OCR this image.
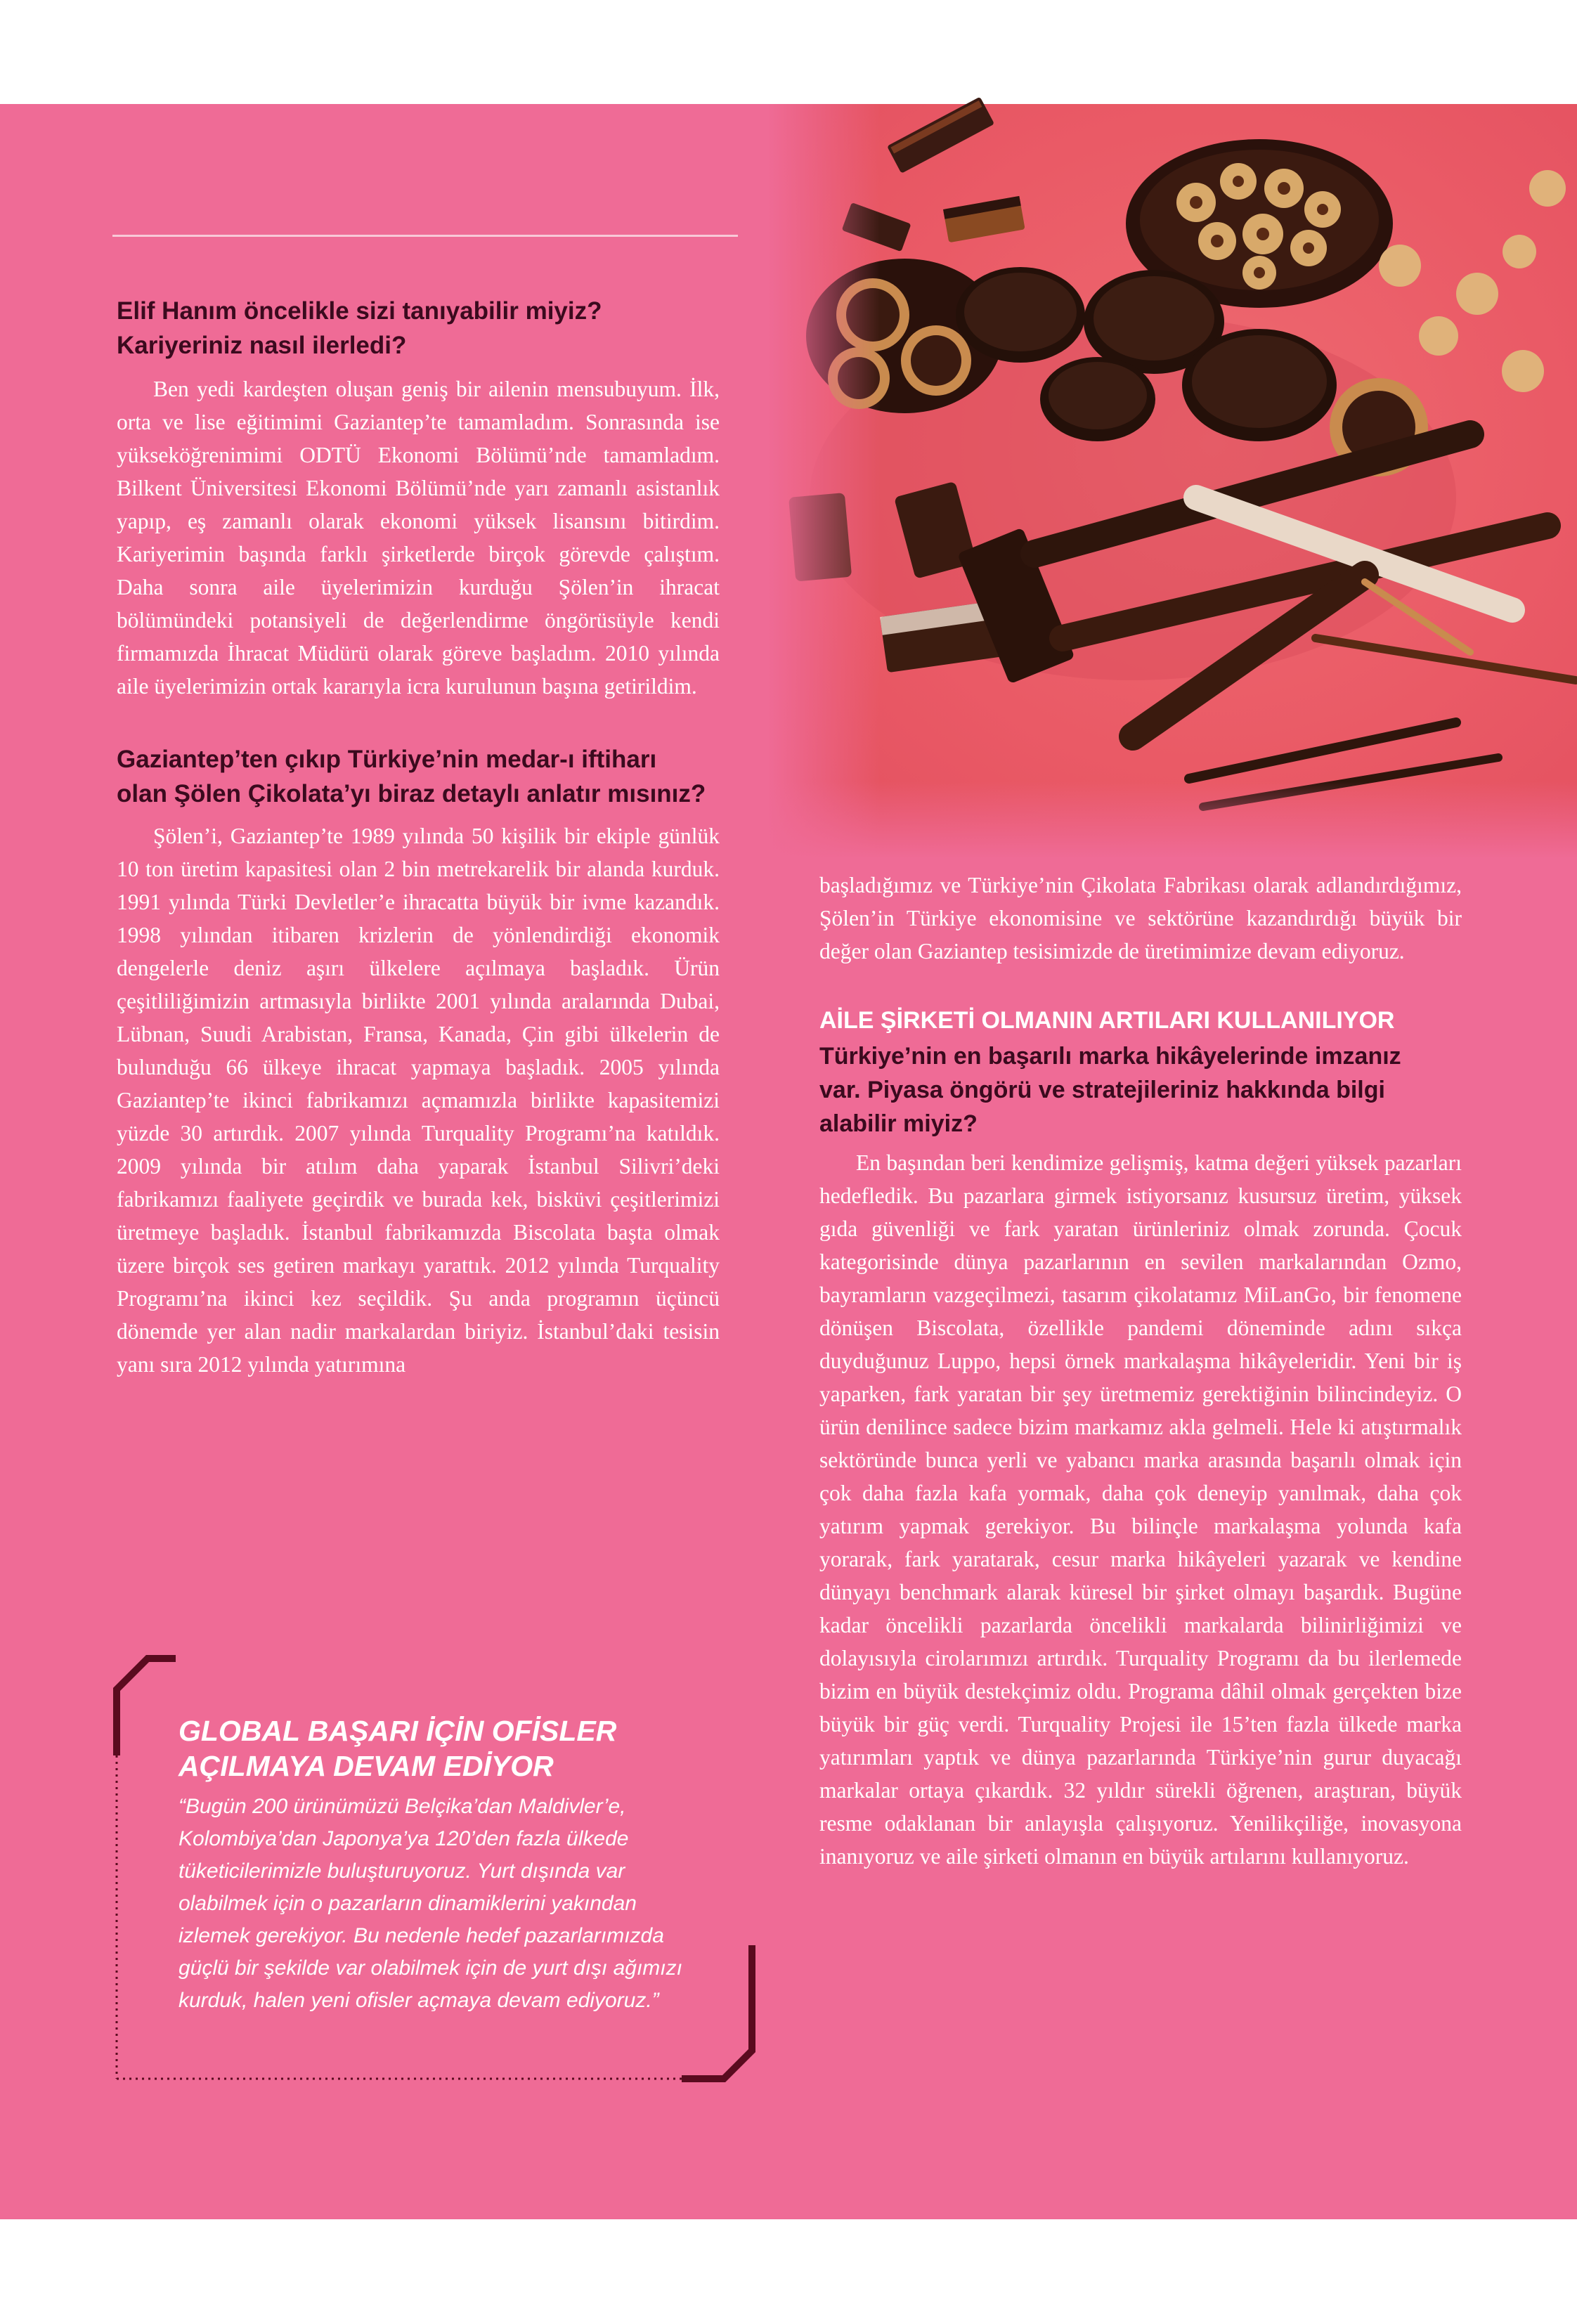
Elif Hanım öncelikle sizi tanıyabilir miyiz?
Kariyeriniz nasıl ilerledi?

Ben yedi kardeşten oluşan geniş bir ailenin mensubuyum. İlk, orta ve lise eğitimimi Gaziantep’te tamamladım. Sonrasında ise yükseköğrenimimi ODTÜ Ekonomi Bölümü’nde tamamladım. Bilkent Üniversitesi Ekonomi Bölümü’nde yarı zamanlı asistanlık yapıp, eş zamanlı olarak ekonomi yüksek lisansını bitirdim. Kariyerimin başında farklı şirketlerde birçok görevde çalıştım. Daha sonra aile üyelerimizin kurduğu Şölen’in ihracat bölümündeki potansiyeli de değerlendirme öngörüsüyle kendi firmamızda İhracat Müdürü olarak göreve başladım. 2010 yılında aile üyelerimizin ortak kararıyla icra kurulunun başına getirildim.

Gaziantep’ten çıkıp Türkiye’nin medar-ı iftiharı
olan Şölen Çikolata’yı biraz detaylı anlatır mısınız?

Şölen’i, Gaziantep’te 1989 yılında 50 kişilik bir ekiple günlük 10 ton üretim kapasitesi olan 2 bin metrekarelik bir alanda kurduk. 1991 yılında Türki Devletler’e ihracatta büyük bir ivme kazandık. 1998 yılından itibaren krizlerin de yönlendirdiği ekonomik dengelerle deniz aşırı ülkelere açılmaya başladık. Ürün çeşitliliğimizin artmasıyla birlikte 2001 yılında aralarında Dubai, Lübnan, Suudi Arabistan, Fransa, Kanada, Çin gibi ülkelerin de bulunduğu 66 ülkeye ihracat yapmaya başladık. 2005 yılında Gaziantep’te ikinci fabrikamızı açmamızla birlikte kapasitemizi yüzde 30 artırdık. 2007 yılında Turquality Programı’na katıldık. 2009 yılında bir atılım daha yaparak İstanbul Silivri’deki fabrikamızı faaliyete geçirdik ve burada kek, bisküvi çeşitlerimizi üretmeye başladık. İstanbul fabrikamızda Biscolata başta olmak üzere birçok ses getiren markayı yarattık. 2012 yılında Turquality Programı’na ikinci kez seçildik. Şu anda programın üçüncü dönemde yer alan nadir markalardan biriyiz. İstanbul’daki tesisin yanı sıra 2012 yılında yatırımına

GLOBAL BAŞARI İÇİN OFİSLER
AÇILMAYA DEVAM EDİYOR

“Bugün 200 ürünümüzü Belçika’dan Maldivler’e, Kolombiya’dan Japonya’ya 120’den fazla ülkede tüketicilerimizle buluşturuyoruz. Yurt dışında var olabilmek için o pazarların dinamiklerini yakından izlemek gerekiyor. Bu nedenle hedef pazarlarımızda güçlü bir şekilde var olabilmek için de yurt dışı ağımızı kurduk, halen yeni ofisler açmaya devam ediyoruz.”

başladığımız ve Türkiye’nin Çikolata Fabrikası olarak adlandırdığımız, Şölen’in Türkiye ekonomisine ve sektörüne kazandırdığı büyük bir değer olan Gaziantep tesisimizde de üretimimize devam ediyoruz.

AİLE ŞİRKETİ OLMANIN ARTILARI KULLANILIYOR

Türkiye’nin en başarılı marka hikâyelerinde imzanız
var. Piyasa öngörü ve stratejileriniz hakkında bilgi
alabilir miyiz?

En başından beri kendimize gelişmiş, katma değeri yüksek pazarları hedefledik. Bu pazarlara girmek istiyorsanız kusursuz üretim, yüksek gıda güvenliği ve fark yaratan ürünleriniz olmak zorunda. Çocuk kategorisinde dünya pazarlarının en sevilen markalarından Ozmo, bayramların vazgeçilmezi, tasarım çikolatamız MiLanGo, bir fenomene dönüşen Biscolata, özellikle pandemi döneminde adını sıkça duyduğunuz Luppo, hepsi örnek markalaşma hikâyeleridir. Yeni bir iş yaparken, fark yaratan bir şey üretmemiz gerektiğinin bilincindeyiz. O ürün denilince sadece bizim markamız akla gelmeli. Hele ki atıştırmalık sektöründe bunca yerli ve yabancı marka arasında başarılı olmak için çok daha fazla kafa yormak, daha çok deneyip yanılmak, daha çok yatırım yapmak gerekiyor. Bu bilinçle markalaşma yolunda kafa yorarak, fark yaratarak, cesur marka hikâyeleri yazarak ve kendine dünyayı benchmark alarak küresel bir şirket olmayı başardık. Bugüne kadar öncelikli pazarlarda öncelikli markalarda bilinirliğimizi ve dolayısıyla cirolarımızı artırdık. Turquality Programı da bu ilerlemede bizim en büyük destekçimiz oldu. Programa dâhil olmak gerçekten bize büyük bir güç verdi. Turquality Projesi ile 15’ten fazla ülkede marka yatırımları yaptık ve dünya pazarlarında Türkiye’nin gurur duyacağı markalar ortaya çıkardık. 32 yıldır sürekli öğrenen, araştıran, büyük resme odaklanan bir anlayışla çalışıyoruz. Yenilikçiliğe, inovasyona inanıyoruz ve aile şirketi olmanın en büyük artılarını kullanıyoruz.

MAYIS 2022 99
